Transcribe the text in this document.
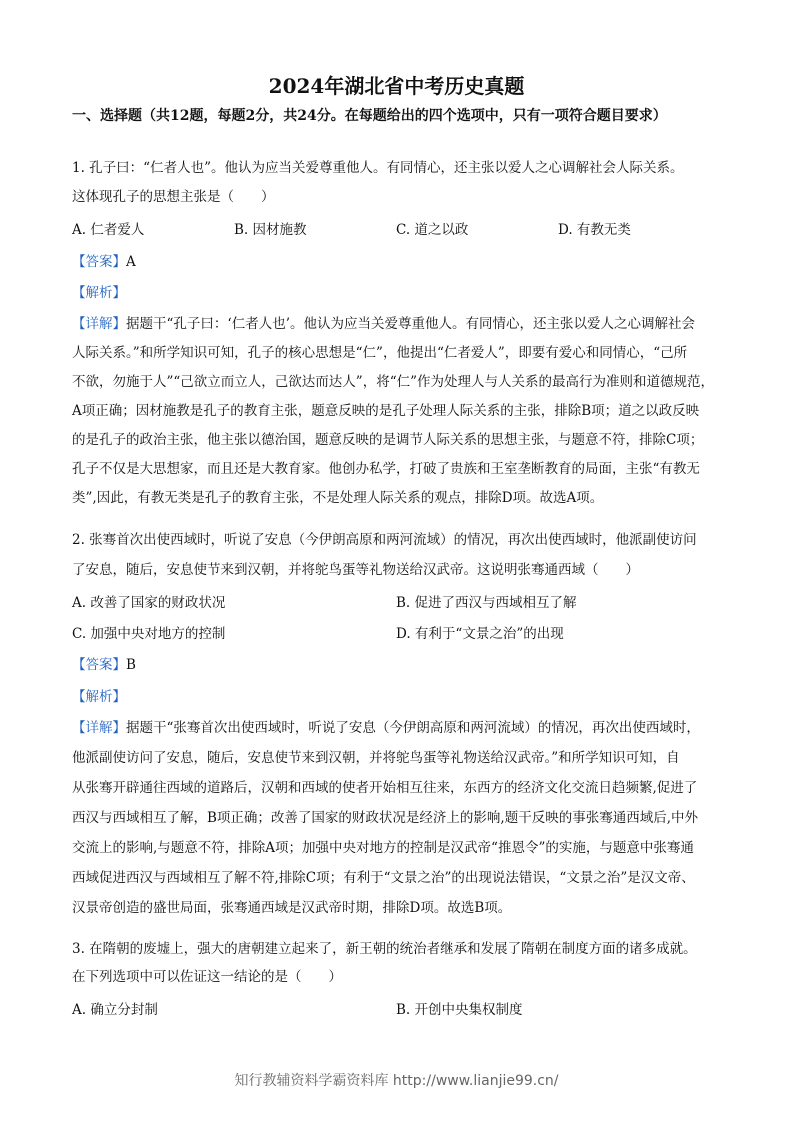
2024年湖北省中考历史真题
一、选择题（共12题，每题2分，共24分。在每题给出的四个选项中，只有一项符合题目要求）
1. 孔子曰：“仁者人也”。他认为应当关爱尊重他人。有同情心，还主张以爱人之心调解社会人际关系。
这体现孔子的思想主张是（　　）
A. 仁者爱人	B. 因材施教	C. 道之以政	D. 有教无类
【答案】A
【解析】
【详解】据题干“孔子曰：‘仁者人也’。他认为应当关爱尊重他人。有同情心，还主张以爱人之心调解社会
人际关系。”和所学知识可知，孔子的核心思想是“仁”，他提出“仁者爱人”，即要有爱心和同情心，“己所
不欲，勿施于人”“己欲立而立人，己欲达而达人”，将“仁”作为处理人与人关系的最高行为准则和道德规范，
A项正确；因材施教是孔子的教育主张，题意反映的是孔子处理人际关系的主张，排除B项；道之以政反映
的是孔子的政治主张，他主张以德治国，题意反映的是调节人际关系的思想主张，与题意不符，排除C项；
孔子不仅是大思想家，而且还是大教育家。他创办私学，打破了贵族和王室垄断教育的局面，主张“有教无
类”,因此，有教无类是孔子的教育主张，不是处理人际关系的观点，排除D项。故选A项。
2. 张骞首次出使西域时，听说了安息（今伊朗高原和两河流域）的情况，再次出使西域时，他派副使访问
了安息，随后，安息使节来到汉朝，并将鸵鸟蛋等礼物送给汉武帝。这说明张骞通西域（　　）
A. 改善了国家的财政状况	B. 促进了西汉与西域相互了解
C. 加强中央对地方的控制	D. 有利于“文景之治”的出现
【答案】B
【解析】
【详解】据题干“张骞首次出使西域时，听说了安息（今伊朗高原和两河流域）的情况，再次出使西域时，
他派副使访问了安息，随后，安息使节来到汉朝，并将鸵鸟蛋等礼物送给汉武帝。”和所学知识可知，自
从张骞开辟通往西域的道路后，汉朝和西域的使者开始相互往来，东西方的经济文化交流日趋频繁,促进了
西汉与西域相互了解，B项正确；改善了国家的财政状况是经济上的影响,题干反映的事张骞通西域后,中外
交流上的影响,与题意不符，排除A项；加强中央对地方的控制是汉武帝“推恩令”的实施，与题意中张骞通
西域促进西汉与西域相互了解不符,排除C项；有利于“文景之治”的出现说法错误，“文景之治”是汉文帝、
汉景帝创造的盛世局面，张骞通西域是汉武帝时期，排除D项。故选B项。
3. 在隋朝的废墟上，强大的唐朝建立起来了，新王朝的统治者继承和发展了隋朝在制度方面的诸多成就。
在下列选项中可以佐证这一结论的是（　　）
A. 确立分封制	B. 开创中央集权制度
知行教辅资料学霸资料库 http://www.lianjie99.cn/
